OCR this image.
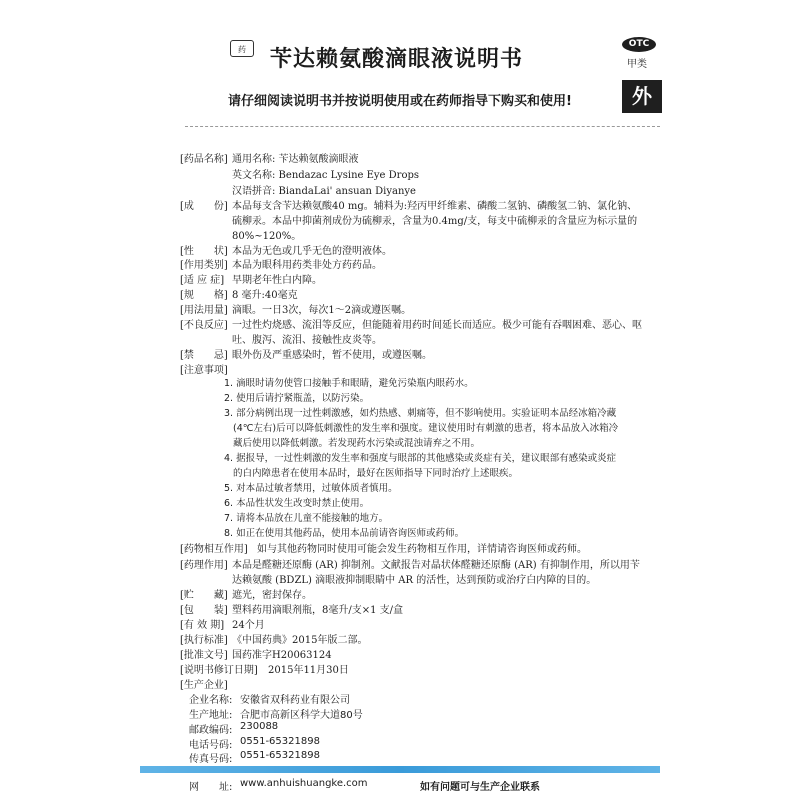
药	苄达赖氨酸滴眼液说明书
请仔细阅读说明书并按说明使用或在药师指导下购买和使用!
OTC
甲类
外
[药品名称] 通用名称: 苄达赖氨酸滴眼液
英文名称: Bendazac Lysine Eye Drops
汉语拼音: BiandaLai' ansuan Diyanye
[成　　份] 本品每支含苄达赖氨酸40 mg。辅料为:羟丙甲纤维素、磷酸二氢钠、磷酸氢二钠、氯化钠、
硫柳汞。本品中抑菌剂成份为硫柳汞，含量为0.4mg/支，每支中硫柳汞的含量应为标示量的
80%~120%。
[性　　状] 本品为无色或几乎无色的澄明液体。
[作用类别] 本品为眼科用药类非处方药药品。
[适 应 症] 早期老年性白内障。
[规　　格] 8 毫升:40毫克
[用法用量] 滴眼。一日3次，每次1～2滴或遵医嘱。
[不良反应] 一过性灼烧感、流泪等反应，但能随着用药时间延长而适应。极少可能有吞咽困难、恶心、呕
吐、腹泻、流泪、接触性皮炎等。
[禁　　忌] 眼外伤及严重感染时，暂不使用，或遵医嘱。
[注意事项]
1. 滴眼时请勿使管口接触手和眼睛，避免污染瓶内眼药水。
2. 使用后请拧紧瓶盖，以防污染。
3. 部分病例出现一过性刺激感，如灼热感、刺痛等，但不影响使用。实验证明本品经冰箱冷藏
(4℃左右)后可以降低刺激性的发生率和强度。建议使用时有刺激的患者，将本品放入冰箱冷
藏后使用以降低刺激。若发现药水污染或混浊请弃之不用。
4. 据报导，一过性刺激的发生率和强度与眼部的其他感染或炎症有关，建议眼部有感染或炎症
的白内障患者在使用本品时，最好在医师指导下同时治疗上述眼疾。
5. 对本品过敏者禁用，过敏体质者慎用。
6. 本品性状发生改变时禁止使用。
7. 请将本品放在儿童不能接触的地方。
8. 如正在使用其他药品，使用本品前请咨询医师或药师。
[药物相互作用] 如与其他药物同时使用可能会发生药物相互作用，详情请咨询医师或药师。
[药理作用] 本品是醛糖还原酶 (AR) 抑制剂。文献报告对晶状体醛糖还原酶 (AR) 有抑制作用，所以用苄
达赖氨酸 (BDZL) 滴眼液抑制眼睛中 AR 的活性，达到预防或治疗白内障的目的。
[贮　　藏] 遮光，密封保存。
[包　　装] 塑料药用滴眼剂瓶，8毫升/支×1 支/盒
[有 效 期] 24个月
[执行标准] 《中国药典》2015年版二部。
[批准文号] 国药准字H20063124
[说明书修订日期] 2015年11月30日
[生产企业]
企业名称: 安徽省双科药业有限公司
生产地址: 合肥市高新区科学大道80号
邮政编码: 230088
电话号码: 0551-65321898
传真号码: 0551-65321898
网　　址: www.anhuishuangke.com	如有问题可与生产企业联系
